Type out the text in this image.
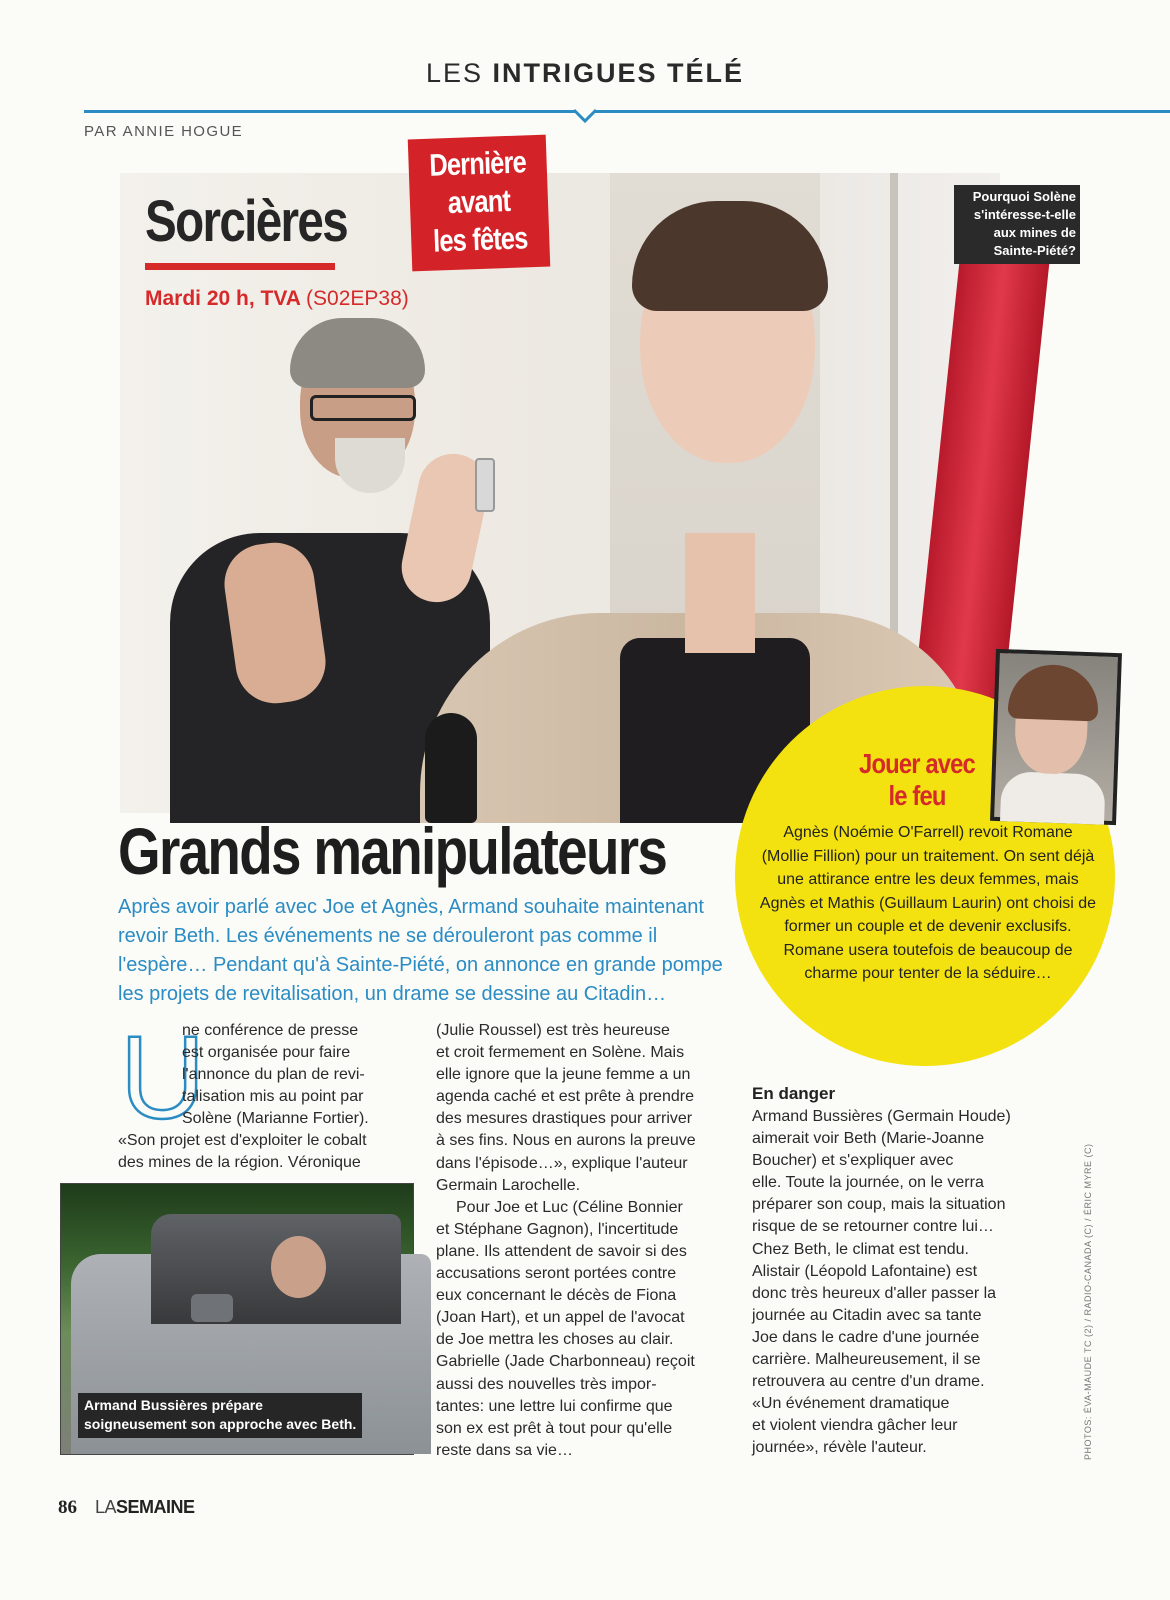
LES INTRIGUES TÉLÉ
PAR ANNIE HOGUE
Sorcières
Mardi 20 h, TVA (S02EP38)
Dernière
avant
les fêtes
Pourquoi Solène
s'intéresse-t-elle
aux mines de
Sainte-Piété?
Jouer avec
le feu
Agnès (Noémie O'Farrell) revoit Romane (Mollie Fillion) pour un traitement. On sent déjà une attirance entre les deux femmes, mais Agnès et Mathis (Guillaum Laurin) ont choisi de former un couple et de devenir exclusifs. Romane usera toutefois de beaucoup de charme pour tenter de la séduire…
Grands manipulateurs
Après avoir parlé avec Joe et Agnès, Armand souhaite maintenant revoir Beth. Les événements ne se dérouleront pas comme il l'espère… Pendant qu'à Sainte-Piété, on annonce en grande pompe les projets de revitalisation, un drame se dessine au Citadin…
U
ne conférence de presse
est organisée pour faire
l'annonce du plan de revi-
talisation mis au point par
Solène (Marianne Fortier).
«Son projet est d'exploiter le cobalt
des mines de la région. Véronique
Armand Bussières prépare
soigneusement son approche avec Beth.
(Julie Roussel) est très heureuse
et croit fermement en Solène. Mais
elle ignore que la jeune femme a un
agenda caché et est prête à prendre
des mesures drastiques pour arriver
à ses fins. Nous en aurons la preuve
dans l'épisode…», explique l'auteur
Germain Larochelle.
Pour Joe et Luc (Céline Bonnier
et Stéphane Gagnon), l'incertitude
plane. Ils attendent de savoir si des
accusations seront portées contre
eux concernant le décès de Fiona
(Joan Hart), et un appel de l'avocat
de Joe mettra les choses au clair.
Gabrielle (Jade Charbonneau) reçoit
aussi des nouvelles très impor-
tantes: une lettre lui confirme que
son ex est prêt à tout pour qu'elle
reste dans sa vie…
En danger
Armand Bussières (Germain Houde)
aimerait voir Beth (Marie-Joanne
Boucher) et s'expliquer avec
elle. Toute la journée, on le verra
préparer son coup, mais la situation
risque de se retourner contre lui…
Chez Beth, le climat est tendu.
Alistair (Léopold Lafontaine) est
donc très heureux d'aller passer la
journée au Citadin avec sa tante
Joe dans le cadre d'une journée
carrière. Malheureusement, il se
retrouvera au centre d'un drame.
«Un événement dramatique
et violent viendra gâcher leur
journée», révèle l'auteur.	PHOTOS: ÉVA-MAUDE TC (2) / RADIO-CANADA (C) / ÉRIC MYRE (C)
86 LASEMAINE
